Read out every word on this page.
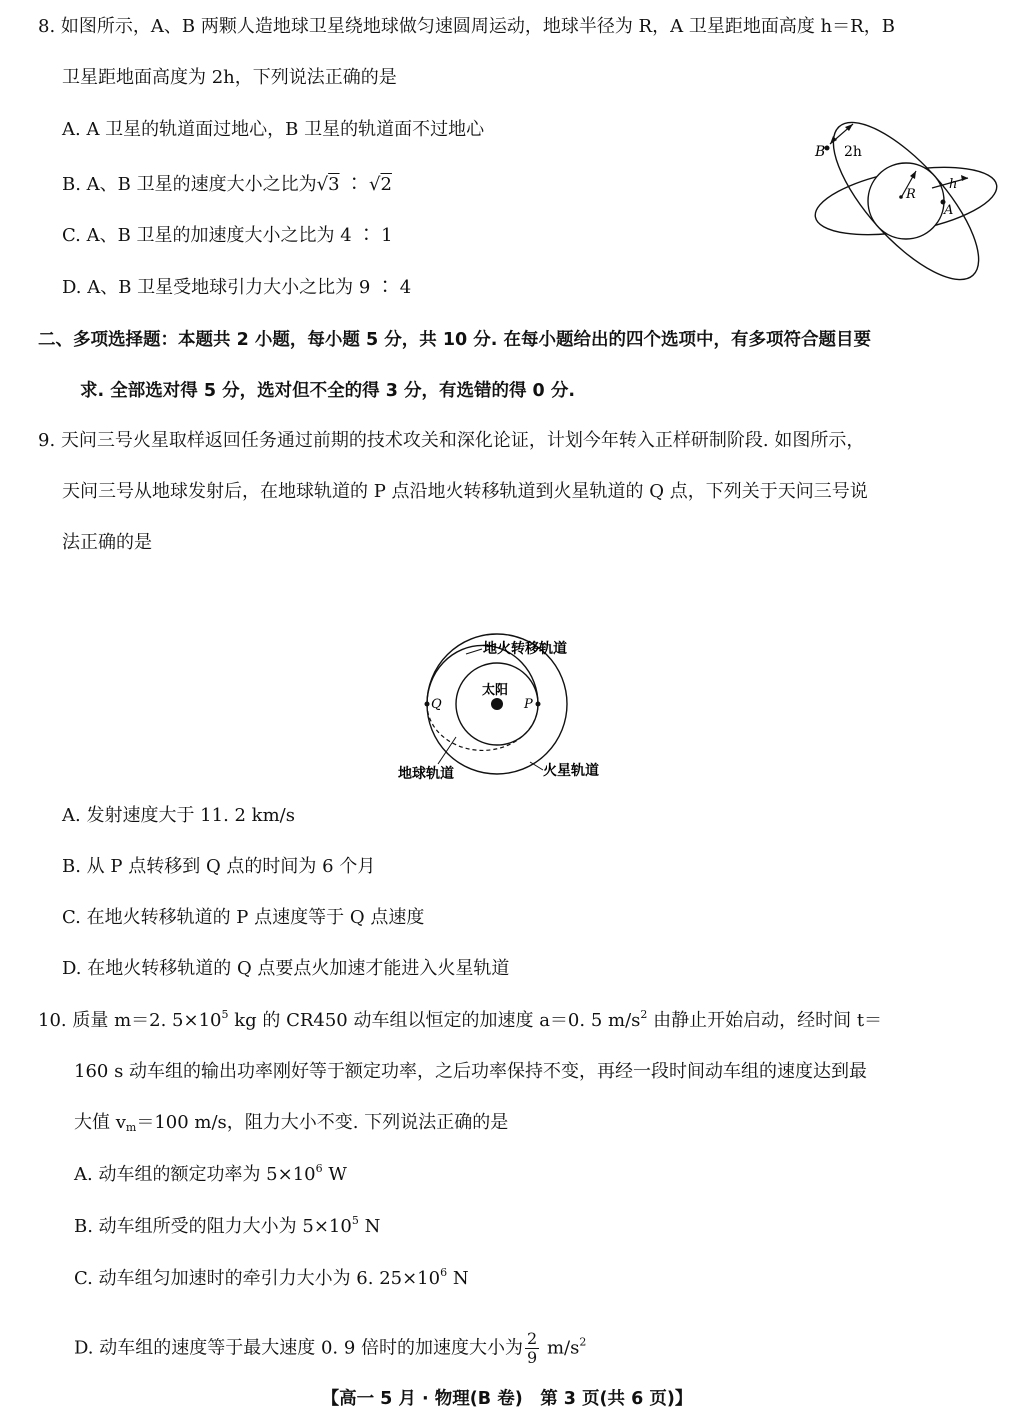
8. 如图所示，A、B 两颗人造地球卫星绕地球做匀速圆周运动，地球半径为 R，A 卫星距地面高度 h＝R，B
卫星距地面高度为 2h，下列说法正确的是
A. A 卫星的轨道面过地心，B 卫星的轨道面不过地心
B. A、B 卫星的速度大小之比为√3 ∶ √2
C. A、B 卫星的加速度大小之比为 4 ∶ 1
D. A、B 卫星受地球引力大小之比为 9 ∶ 4
B 2h
R
h
A
二、多项选择题：本题共 2 小题，每小题 5 分，共 10 分. 在每小题给出的四个选项中，有多项符合题目要
求. 全部选对得 5 分，选对但不全的得 3 分，有选错的得 0 分.
9. 天问三号火星取样返回任务通过前期的技术攻关和深化论证，计划今年转入正样研制阶段. 如图所示，
天问三号从地球发射后，在地球轨道的 P 点沿地火转移轨道到火星轨道的 Q 点，下列关于天问三号说
法正确的是
地火转移轨道
太阳
Q	P
地球轨道	火星轨道
A. 发射速度大于 11. 2 km/s
B. 从 P 点转移到 Q 点的时间为 6 个月
C. 在地火转移轨道的 P 点速度等于 Q 点速度
D. 在地火转移轨道的 Q 点要点火加速才能进入火星轨道
10. 质量 m＝2. $5\times 10^5$ kg 的 CR450 动车组以恒定的加速度 a＝0. 5 $m/s^2$ 由静止开始启动，经时间 t＝
160 s 动车组的输出功率刚好等于额定功率，之后功率保持不变，再经一段时间动车组的速度达到最
大值 $v_m=100$ m/s，阻力大小不变. 下列说法正确的是
A. 动车组的额定功率为 $5\times 10^6$ W
B. 动车组所受的阻力大小为 $5\times 10^5$ N
C. 动车组匀加速时的牵引力大小为 6. $25\times 10^6$ N
D. 动车组的速度等于最大速度 0. 9 倍时的加速度大小为 $\frac{2}{9} m/s^2$
【高一 5 月 · 物理(B 卷)　第 3 页(共 6 页)】
